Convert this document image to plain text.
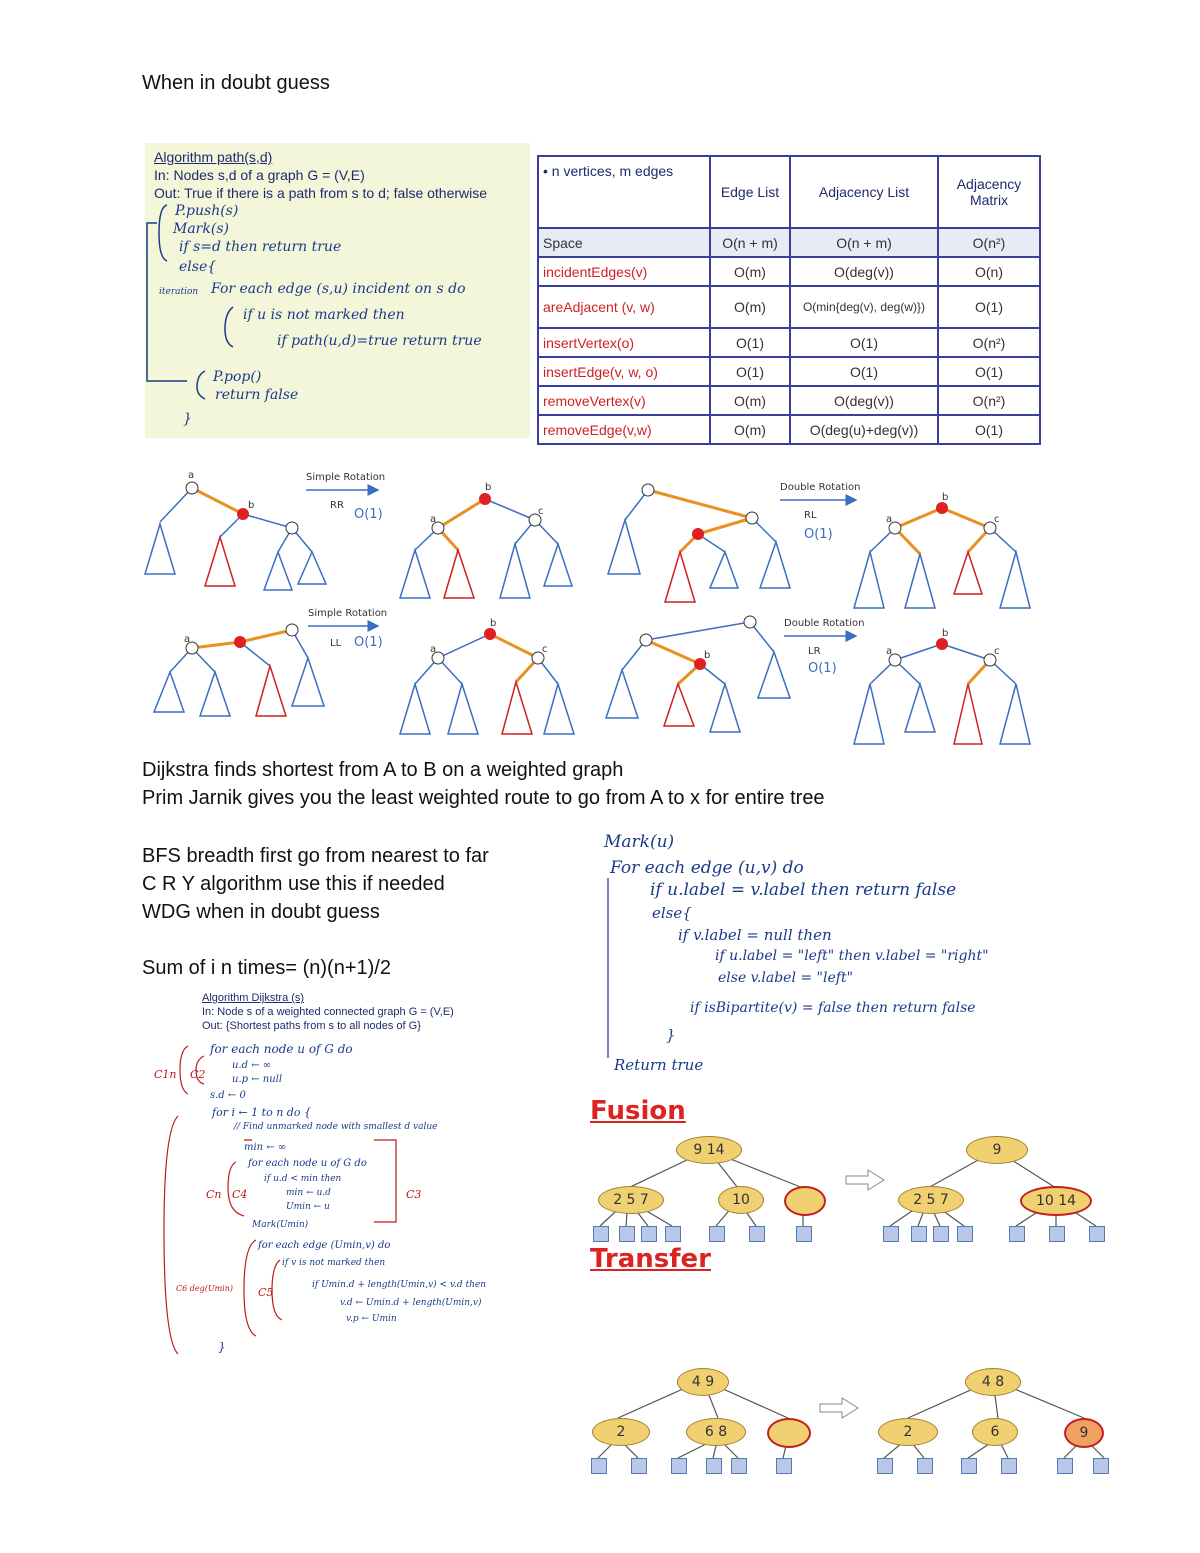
When in doubt guess
Algorithm path(s,d)
In: Nodes s,d of a graph G = (V,E)
Out: True if there is a path from s to d; false otherwise
P.push(s)
Mark(s)
if s=d then return true
else{
iteration For each edge (s,u) incident on s do
if u is not marked then
if path(u,d)=true return true
P.pop()
return false
}
• n vertices, m edges	Edge List	Adjacency List	Adjacency Matrix
Space	O(n + m)	O(n + m)	O(n²)
incidentEdges(v)	O(m)	O(deg(v))	O(n)
areAdjacent (v, w)	O(m)	O(min{deg(v), deg(w)})	O(1)
insertVertex(o)	O(1)	O(1)	O(n²)
insertEdge(v, w, o)	O(1)	O(1)	O(1)
removeVertex(v)	O(m)	O(deg(v))	O(n²)
removeEdge(v,w)	O(m)	O(deg(u)+deg(v))	O(1)
Simple Rotation
RR
O(1)
Double Rotation
RL
O(1)
Simple Rotation
LL O(1)
Double Rotation
LR
O(1)
a
b
b
a
c
b
a	c
b
a	c
a
b
b
a	c
Dijkstra finds shortest from A to B on a weighted graph
Prim Jarnik gives you the least weighted route to go from A to x for entire tree
BFS breadth first go from nearest to far
C R Y algorithm use this if needed
WDG when in doubt guess
Sum of i n times= (n)(n+1)/2
Mark(u)
For each edge (u,v) do
if u.label = v.label then return false
else{
if v.label = null then
if u.label = "left" then v.label = "right"
else v.label = "left"
if isBipartite(v) = false then return false
}
Return true
Algorithm Dijkstra (s)
In: Node s of a weighted connected graph G = (V,E)
Out: {Shortest paths from s to all nodes of G}
for each node u of G do
u.d ← ∞
u.p ← null
s.d ← 0
for i ← 1 to n do {
// Find unmarked node with smallest d value
min ← ∞
for each node u of G do
if u.d < min then
min ← u.d
Umin ← u
Mark(Umin)
for each edge (Umin,v) do
if v is not marked then
if Umin.d + length(Umin,v) < v.d then
v.d ← Umin.d + length(Umin,v)
v.p ← Umin
}
C1n C2
C3
Cn C4
C5
C6 deg(Umin)
Fusion
Transfer
9 14
2 5 7	10
9
2 5 7	10 14
4 9
2	6 8
4 8
2	6	9
